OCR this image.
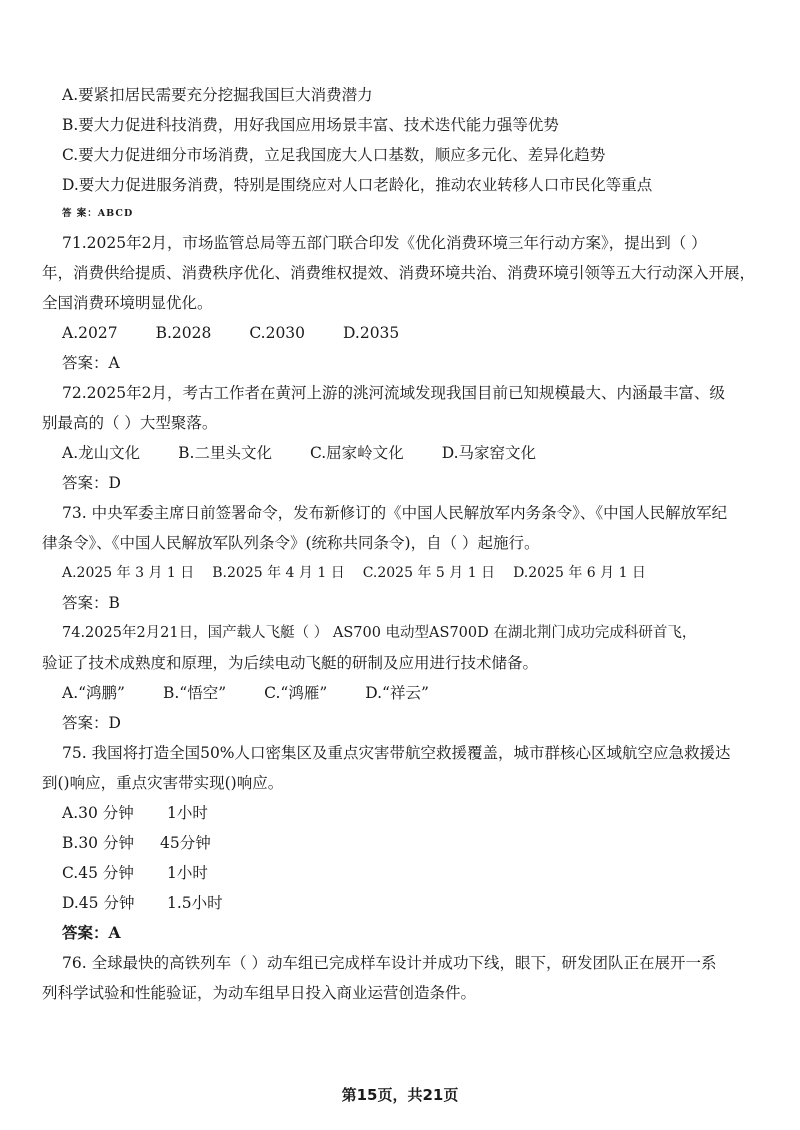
A.要紧扣居民需要充分挖掘我国巨大消费潜力
B.要大力促进科技消费，用好我国应用场景丰富、技术迭代能力强等优势
C.要大力促进细分市场消费，立足我国庞大人口基数，顺应多元化、差异化趋势
D.要大力促进服务消费，特别是围绕应对人口老龄化，推动农业转移人口市民化等重点
答 案：ABCD
71.2025年2月，市场监管总局等五部门联合印发《优化消费环境三年行动方案》，提出到（ ）
年，消费供给提质、消费秩序优化、消费维权提效、消费环境共治、消费环境引领等五大行动深入开展，
全国消费环境明显优化。
A.2027 B.2028 C.2030 D.2035
答案：A
72.2025年2月，考古工作者在黄河上游的洮河流域发现我国目前已知规模最大、内涵最丰富、级
别最高的（ ）大型聚落。
A.龙山文化 B.二里头文化 C.屈家岭文化 D.马家窑文化
答案：D
73. 中央军委主席日前签署命令，发布新修订的《中国人民解放军内务条令》、《中国人民解放军纪
律条令》、《中国人民解放军队列条令》(统称共同条令)，自（ ）起施行。
A.2025 年 3 月 1 日 B.2025 年 4 月 1 日 C.2025 年 5 月 1 日 D.2025 年 6 月 1 日
答案：B
74.2025年2月21日，国产载人飞艇（ ） AS700 电动型AS700D 在湖北荆门成功完成科研首飞，
验证了技术成熟度和原理，为后续电动飞艇的研制及应用进行技术储备。
A.“鸿鹏” B.“悟空” C.“鸿雁” D.“祥云”
答案：D
75. 我国将打造全国50%人口密集区及重点灾害带航空救援覆盖，城市群核心区域航空应急救援达
到()响应，重点灾害带实现()响应。
A.30 分钟 1小时
B.30 分钟 45分钟
C.45 分钟 1小时
D.45 分钟 1.5小时
答案：A
76. 全球最快的高铁列车（ ）动车组已完成样车设计并成功下线，眼下，研发团队正在展开一系
列科学试验和性能验证，为动车组早日投入商业运营创造条件。
第15页，共21页
